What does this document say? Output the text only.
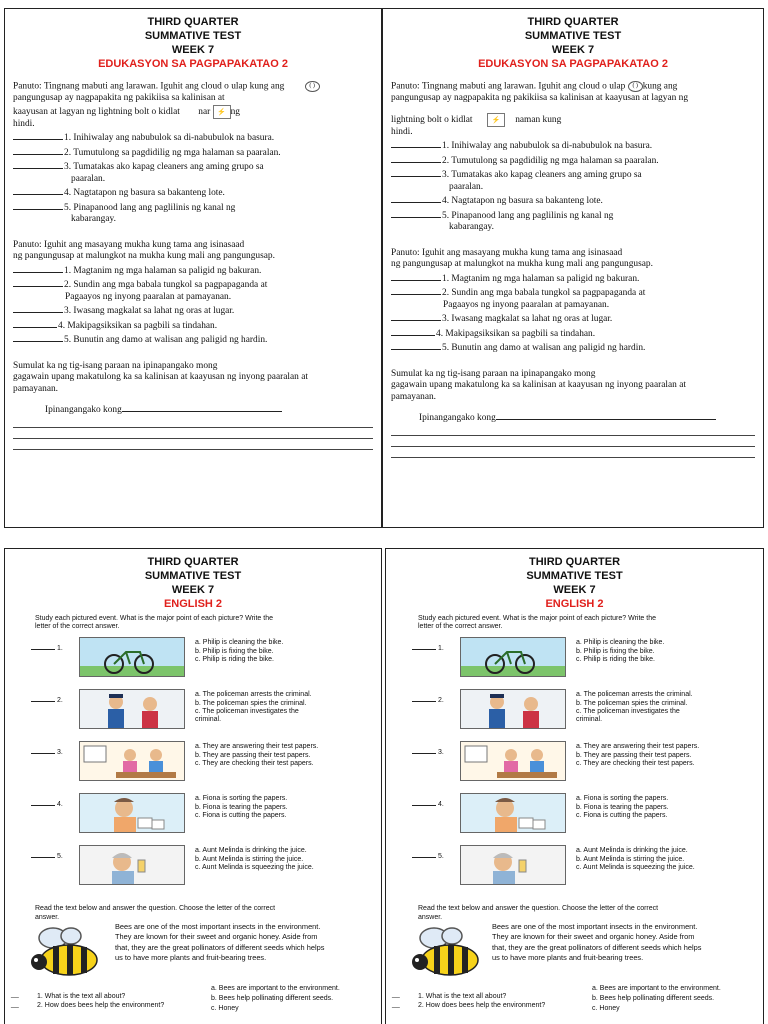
THIRD QUARTER
SUMMATIVE TEST
WEEK 7
EDUKASYON SA PAGPAPAKATAO 2

Panuto: Tingnang mabuti ang larawan. Iguhit ang cloud o ulap kung ang	( )

pangungusap ay nagpapakita ng pakikiisa sa kalinisan at

kaayusan at lagyan ng lightning bolt o kidlat nar ⚡ ng

hindi.

1. Inihiwalay ang nabubulok sa di-nabubulok na basura.

2. Tumutulong sa pagdidilig ng mga halaman sa paaralan.

3. Tumatakas ako kapag cleaners ang aming grupo sa

paaralan.

4. Nagtatapon ng basura sa bakanteng lote.

5. Pinapanood lang ang paglilinis ng kanal ng

kabarangay.

Panuto: Iguhit ang masayang mukha kung tama ang isinasaad

ng pangungusap at malungkot na mukha kung mali ang pangungusap.

1. Magtanim ng mga halaman sa paligid ng bakuran.

2. Sundin ang mga babala tungkol sa pagpapaganda at

Pagaayos ng inyong paaralan at pamayanan.

3. Iwasang magkalat sa lahat ng oras at lugar.

4. Makipagsiksikan sa pagbili sa tindahan.

5. Bunutin ang damo at walisan ang paligid ng hardin.

Sumulat ka ng tig-isang paraan na ipinapangako mong

gagawain upang makatulong ka sa kalinisan at kaayusan ng inyong paaralan at

pamayanan.

Ipinangangako kong
THIRD QUARTER
SUMMATIVE TEST
WEEK 7
EDUKASYON SA PAGPAPAKATAO 2

Panuto: Tingnang mabuti ang larawan. Iguhit ang cloud o ulap ( ) kung ang

pangungusap ay nagpapakita ng pakikiisa sa kalinisan at kaayusan at lagyan ng

lightning bolt o kidlat	⚡ naman kung

hindi.

1. Inihiwalay ang nabubulok sa di-nabubulok na basura.

2. Tumutulong sa pagdidilig ng mga halaman sa paaralan.

3. Tumatakas ako kapag cleaners ang aming grupo sa

paaralan.

4. Nagtatapon ng basura sa bakanteng lote.

5. Pinapanood lang ang paglilinis ng kanal ng

kabarangay.

Panuto: Iguhit ang masayang mukha kung tama ang isinasaad

ng pangungusap at malungkot na mukha kung mali ang pangungusap.

1. Magtanim ng mga halaman sa paligid ng bakuran.

2. Sundin ang mga babala tungkol sa pagpapaganda at

Pagaayos ng inyong paaralan at pamayanan.

3. Iwasang magkalat sa lahat ng oras at lugar.

4. Makipagsiksikan sa pagbili sa tindahan.

5. Bunutin ang damo at walisan ang paligid ng hardin.

Sumulat ka ng tig-isang paraan na ipinapangako mong

gagawain upang makatulong ka sa kalinisan at kaayusan ng inyong paaralan at

pamayanan.

Ipinangangako kong
THIRD QUARTER
SUMMATIVE TEST
WEEK 7
ENGLISH 2

Study each pictured event. What is the major point of each picture? Write the

letter of the correct answer.

1.

a. Philip is cleaning the bike.

b. Philip is fixing the bike.

c. Philip is riding the bike.

2.

a. The policeman arrests the criminal.

b. The policeman spies the criminal.

c. The policeman investigates the

criminal.

3.

a. They are answering their test papers.

b. They are passing their test papers.

c. They are checking their test papers.

4.

a. Fiona is sorting the papers.

b. Fiona is tearing the papers.

c. Fiona is cutting the papers.

5.

a. Aunt Melinda is drinking the juice.

b. Aunt Melinda is stirring the juice.

c. Aunt Melinda is squeezing the juice.

Read the text below and answer the question. Choose the letter of the correct

answer.

Bees are one of the most important insects in the environment.

They are known for their sweet and organic honey. Aside from

that, they are the great pollinators of different seeds which helps

us to have more plants and fruit-bearing trees.

__
__
1. What is the text all about?
2. How does bees help the environment?
a. Bees are important to the environment.
b. Bees help pollinating different seeds.
c. Honey
THIRD QUARTER
SUMMATIVE TEST
WEEK 7
ENGLISH 2

Study each pictured event. What is the major point of each picture? Write the

letter of the correct answer.

1.

a. Philip is cleaning the bike.

b. Philip is fixing the bike.

c. Philip is riding the bike.

2.

a. The policeman arrests the criminal.

b. The policeman spies the criminal.

c. The policeman investigates the

criminal.

3.

a. They are answering their test papers.

b. They are passing their test papers.

c. They are checking their test papers.

4.

a. Fiona is sorting the papers.

b. Fiona is tearing the papers.

c. Fiona is cutting the papers.

5.

a. Aunt Melinda is drinking the juice.

b. Aunt Melinda is stirring the juice.

c. Aunt Melinda is squeezing the juice.

Read the text below and answer the question. Choose the letter of the correct

answer.

Bees are one of the most important insects in the environment.

They are known for their sweet and organic honey. Aside from

that, they are the great pollinators of different seeds which helps

us to have more plants and fruit-bearing trees.

__
__
1. What is the text all about?
2. How does bees help the environment?
a. Bees are important to the environment.
b. Bees help pollinating different seeds.
c. Honey
